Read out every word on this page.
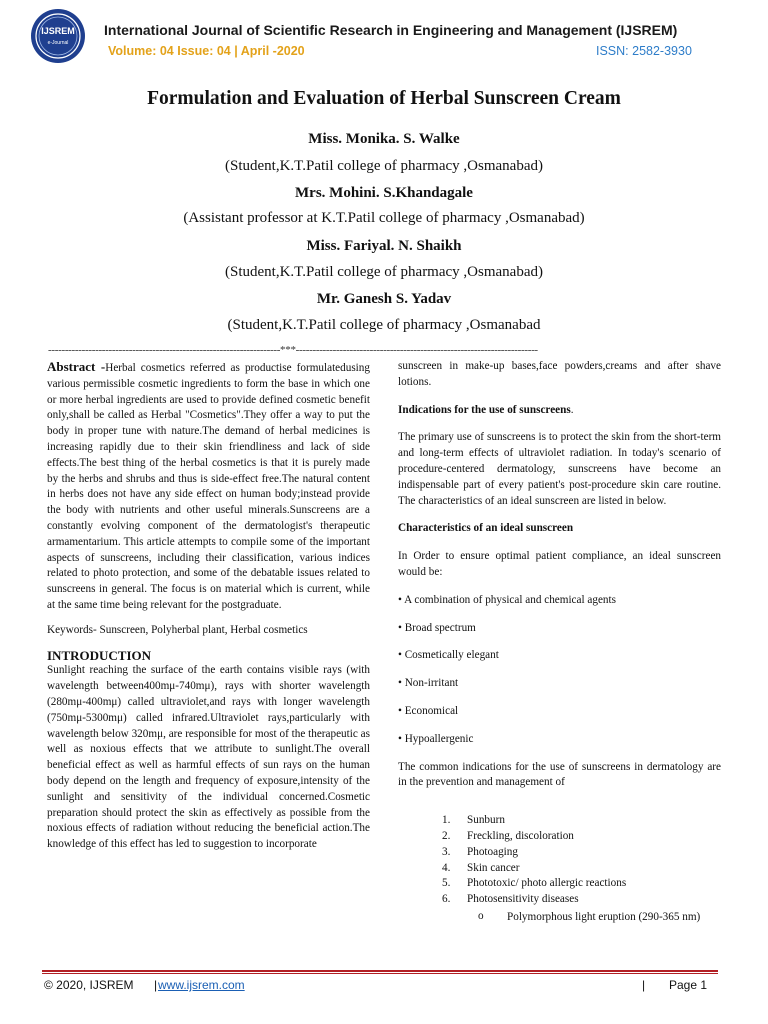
IJSREM
e-Journal
International Journal of Scientific Research in Engineering and Management (IJSREM)
Volume: 04 Issue: 04 | April -2020	ISSN: 2582-3930
Formulation and Evaluation of Herbal Sunscreen Cream
Miss. Monika. S. Walke
(Student,K.T.Patil college of pharmacy ,Osmanabad)
Mrs. Mohini. S.Khandagale
(Assistant professor at K.T.Patil college of pharmacy ,Osmanabad)
Miss. Fariyal. N. Shaikh
(Student,K.T.Patil college of pharmacy ,Osmanabad)
Mr. Ganesh S. Yadav
(Student,K.T.Patil college of pharmacy ,Osmanabad
---------------------------------------------------------------------***------------------------------------------------------------------------

Abstract -Herbal cosmetics referred as productise formulatedusing various permissible cosmetic ingredients to form the base in which one or more herbal ingredients are used to provide defined cosmetic benefit only,shall be called as Herbal "Cosmetics".They offer a way to put the body in proper tune with nature.The demand of herbal medicines is increasing rapidly due to their skin friendliness and lack of side effects.The best thing of the herbal cosmetics is that it is purely made by the herbs and shrubs and thus is side-effect free.The natural content in herbs does not have any side effect on human body;instead provide the body with nutrients and other useful minerals.Sunscreens are a constantly evolving component of the dermatologist's therapeutic armamentarium. This article attempts to compile some of the important aspects of sunscreens, including their classification, various indices related to photo protection, and some of the debatable issues related to sunscreens in general. The focus is on material which is current, while at the same time being relevant for the postgraduate.

Keywords- Sunscreen, Polyherbal plant, Herbal cosmetics

INTRODUCTION

Sunlight reaching the surface of the earth contains visible rays (with wavelength between400mμ-740mμ), rays with shorter wavelength (280mμ-400mμ) called ultraviolet,and rays with longer wavelength (750mμ-5300mμ) called infrared.Ultraviolet rays,particularly with wavelength below 320mμ, are responsible for most of the therapeutic as well as noxious effects that we attribute to sunlight.The overall beneficial effect as well as harmful effects of sun rays on the human body depend on the length and frequency of exposure,intensity of the sunlight and sensitivity of the individual concerned.Cosmetic preparation should protect the skin as effectively as possible from the noxious effects of radiation without reducing the beneficial action.The knowledge of this effect has led to suggestion to incorporate

sunscreen in make-up bases,face powders,creams and after shave lotions.

Indications for the use of sunscreens.

The primary use of sunscreens is to protect the skin from the short-term and long-term effects of ultraviolet radiation. In today's scenario of procedure-centered dermatology, sunscreens have become an indispensable part of every patient's post-procedure skin care routine. The characteristics of an ideal sunscreen are listed in below.

Characteristics of an ideal sunscreen

In Order to ensure optimal patient compliance, an ideal sunscreen would be:

• A combination of physical and chemical agents

• Broad spectrum

• Cosmetically elegant

• Non-irritant

• Economical

• Hypoallergenic

The common indications for the use of sunscreens in dermatology are in the prevention and management of

1. Sunburn
2. Freckling, discoloration
3. Photoaging
4. Skin cancer
5. Phototoxic/ photo allergic reactions
6. Photosensitivity diseases
o Polymorphous light eruption (290-365 nm)
© 2020, IJSREM | www.ijsrem.com	| Page 1
